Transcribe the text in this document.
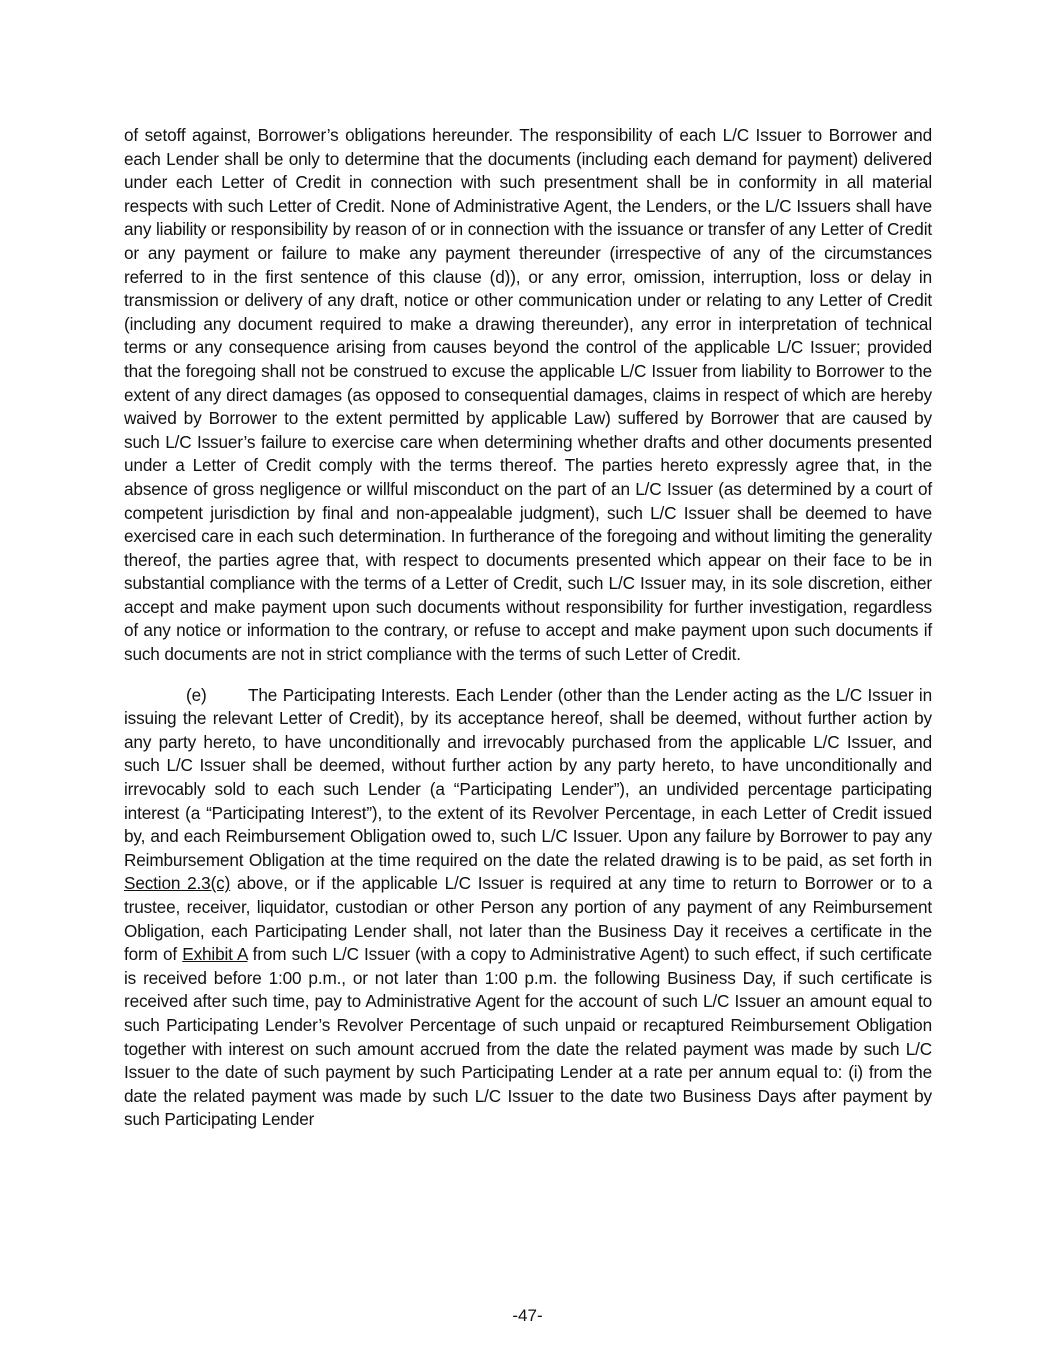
of setoff against, Borrower’s obligations hereunder. The responsibility of each L/C Issuer to Borrower and each Lender shall be only to determine that the documents (including each demand for payment) delivered under each Letter of Credit in connection with such presentment shall be in conformity in all material respects with such Letter of Credit. None of Administrative Agent, the Lenders, or the L/C Issuers shall have any liability or responsibility by reason of or in connection with the issuance or transfer of any Letter of Credit or any payment or failure to make any payment thereunder (irrespective of any of the circumstances referred to in the first sentence of this clause (d)), or any error, omission, interruption, loss or delay in transmission or delivery of any draft, notice or other communication under or relating to any Letter of Credit (including any document required to make a drawing thereunder), any error in interpretation of technical terms or any consequence arising from causes beyond the control of the applicable L/C Issuer; provided that the foregoing shall not be construed to excuse the applicable L/C Issuer from liability to Borrower to the extent of any direct damages (as opposed to consequential damages, claims in respect of which are hereby waived by Borrower to the extent permitted by applicable Law) suffered by Borrower that are caused by such L/C Issuer’s failure to exercise care when determining whether drafts and other documents presented under a Letter of Credit comply with the terms thereof. The parties hereto expressly agree that, in the absence of gross negligence or willful misconduct on the part of an L/C Issuer (as determined by a court of competent jurisdiction by final and non-appealable judgment), such L/C Issuer shall be deemed to have exercised care in each such determination. In furtherance of the foregoing and without limiting the generality thereof, the parties agree that, with respect to documents presented which appear on their face to be in substantial compliance with the terms of a Letter of Credit, such L/C Issuer may, in its sole discretion, either accept and make payment upon such documents without responsibility for further investigation, regardless of any notice or information to the contrary, or refuse to accept and make payment upon such documents if such documents are not in strict compliance with the terms of such Letter of Credit.

(e) The Participating Interests. Each Lender (other than the Lender acting as the L/C Issuer in issuing the relevant Letter of Credit), by its acceptance hereof, shall be deemed, without further action by any party hereto, to have unconditionally and irrevocably purchased from the applicable L/C Issuer, and such L/C Issuer shall be deemed, without further action by any party hereto, to have unconditionally and irrevocably sold to each such Lender (a “Participating Lender”), an undivided percentage participating interest (a “Participating Interest”), to the extent of its Revolver Percentage, in each Letter of Credit issued by, and each Reimbursement Obligation owed to, such L/C Issuer. Upon any failure by Borrower to pay any Reimbursement Obligation at the time required on the date the related drawing is to be paid, as set forth in Section 2.3(c) above, or if the applicable L/C Issuer is required at any time to return to Borrower or to a trustee, receiver, liquidator, custodian or other Person any portion of any payment of any Reimbursement Obligation, each Participating Lender shall, not later than the Business Day it receives a certificate in the form of Exhibit A from such L/C Issuer (with a copy to Administrative Agent) to such effect, if such certificate is received before 1:00 p.m., or not later than 1:00 p.m. the following Business Day, if such certificate is received after such time, pay to Administrative Agent for the account of such L/C Issuer an amount equal to such Participating Lender’s Revolver Percentage of such unpaid or recaptured Reimbursement Obligation together with interest on such amount accrued from the date the related payment was made by such L/C Issuer to the date of such payment by such Participating Lender at a rate per annum equal to: (i) from the date the related payment was made by such L/C Issuer to the date two Business Days after payment by such Participating Lender

-47-
